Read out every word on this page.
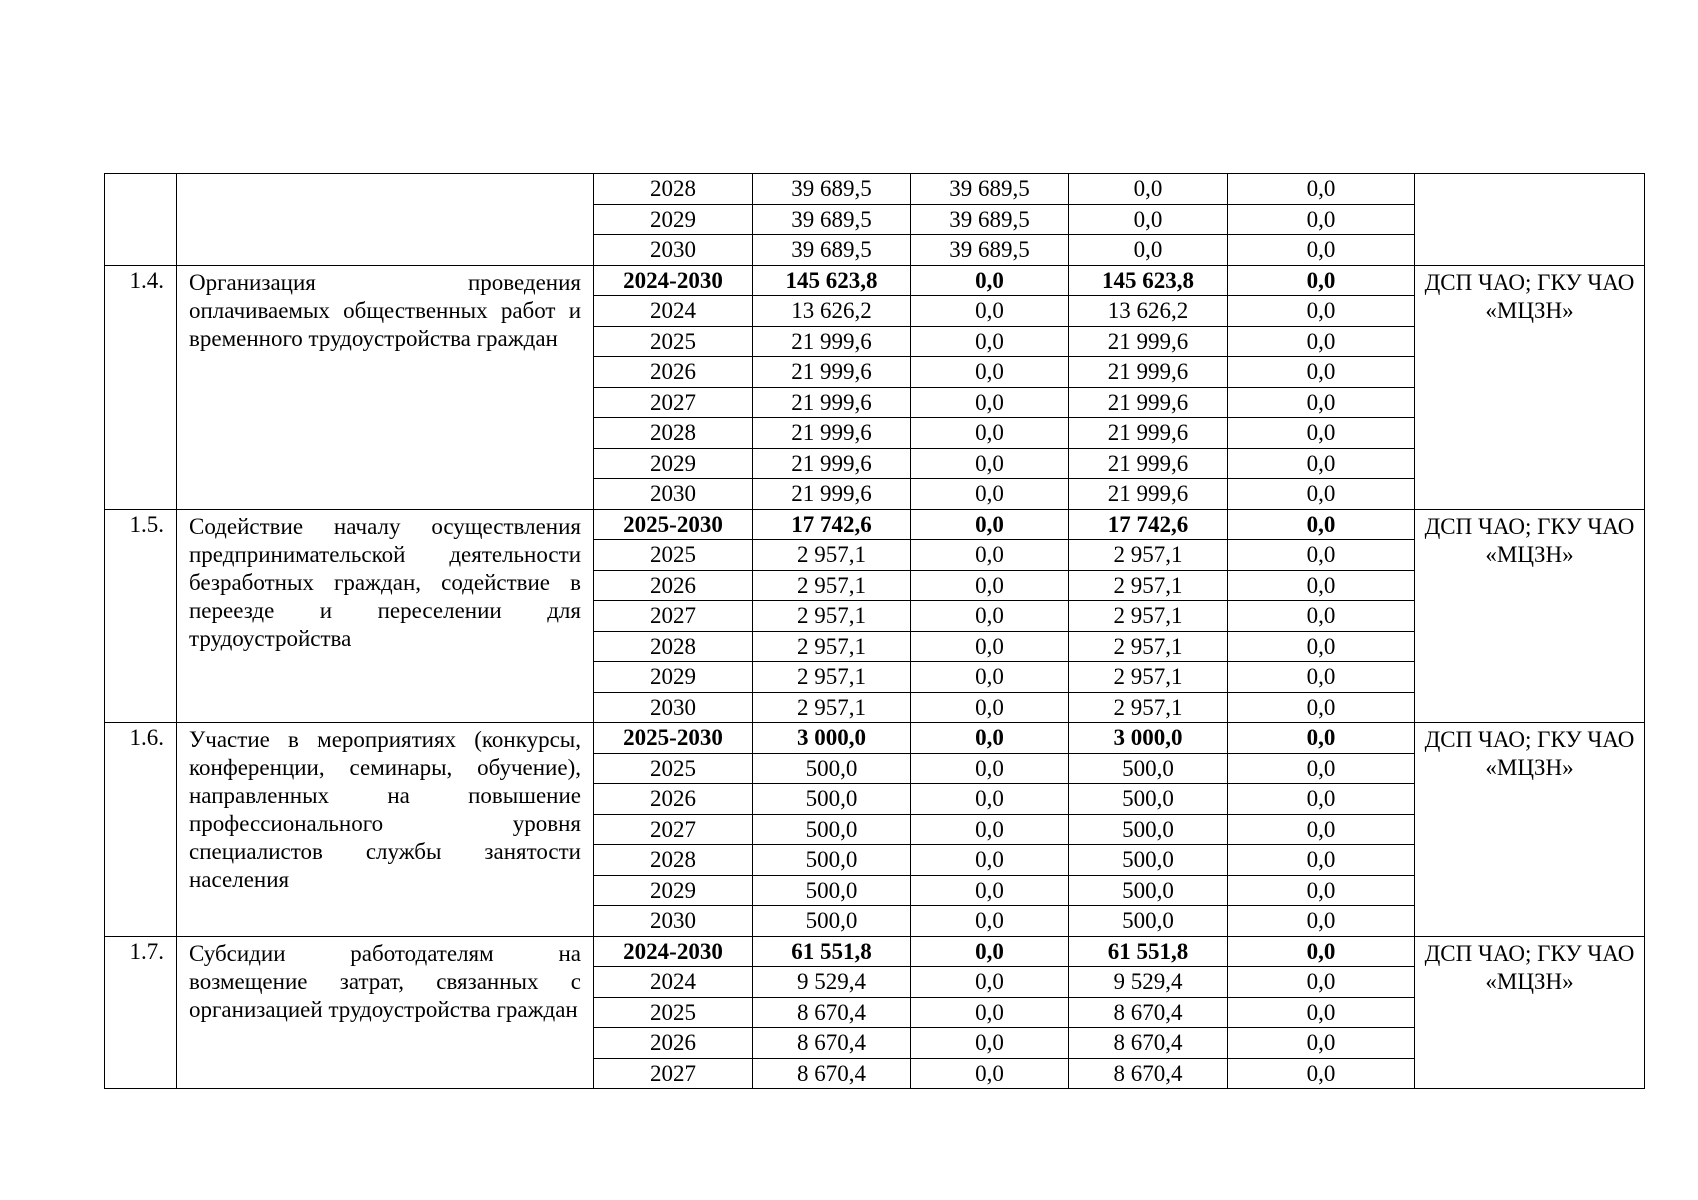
		2028	39 689,5	39 689,5	0,0	0,0	
		2029	39 689,5	39 689,5	0,0	0,0	
		2030	39 689,5	39 689,5	0,0	0,0	
1.4.	Организация проведения оплачиваемых общественных работ и временного трудоустройства граждан	2024-2030	145 623,8	0,0	145 623,8	0,0	ДСП ЧАО; ГКУ ЧАО «МЦЗН»
		2024	13 626,2	0,0	13 626,2	0,0	
		2025	21 999,6	0,0	21 999,6	0,0	
		2026	21 999,6	0,0	21 999,6	0,0	
		2027	21 999,6	0,0	21 999,6	0,0	
		2028	21 999,6	0,0	21 999,6	0,0	
		2029	21 999,6	0,0	21 999,6	0,0	
		2030	21 999,6	0,0	21 999,6	0,0	
1.5.	Содействие началу осуществления предпринимательской деятельности безработных граждан, содействие в переезде и переселении для трудоустройства	2025-2030	17 742,6	0,0	17 742,6	0,0	ДСП ЧАО; ГКУ ЧАО «МЦЗН»
		2025	2 957,1	0,0	2 957,1	0,0	
		2026	2 957,1	0,0	2 957,1	0,0	
		2027	2 957,1	0,0	2 957,1	0,0	
		2028	2 957,1	0,0	2 957,1	0,0	
		2029	2 957,1	0,0	2 957,1	0,0	
		2030	2 957,1	0,0	2 957,1	0,0	
1.6.	Участие в мероприятиях (конкурсы, конференции, семинары, обучение), направленных на повышение профессионального уровня специалистов службы занятости населения	2025-2030	3 000,0	0,0	3 000,0	0,0	ДСП ЧАО; ГКУ ЧАО «МЦЗН»
		2025	500,0	0,0	500,0	0,0	
		2026	500,0	0,0	500,0	0,0	
		2027	500,0	0,0	500,0	0,0	
		2028	500,0	0,0	500,0	0,0	
		2029	500,0	0,0	500,0	0,0	
		2030	500,0	0,0	500,0	0,0	
1.7.	Субсидии работодателям на возмещение затрат, связанных с организацией трудоустройства граждан	2024-2030	61 551,8	0,0	61 551,8	0,0	ДСП ЧАО; ГКУ ЧАО «МЦЗН»
		2024	9 529,4	0,0	9 529,4	0,0	
		2025	8 670,4	0,0	8 670,4	0,0	
		2026	8 670,4	0,0	8 670,4	0,0	
		2027	8 670,4	0,0	8 670,4	0,0	
